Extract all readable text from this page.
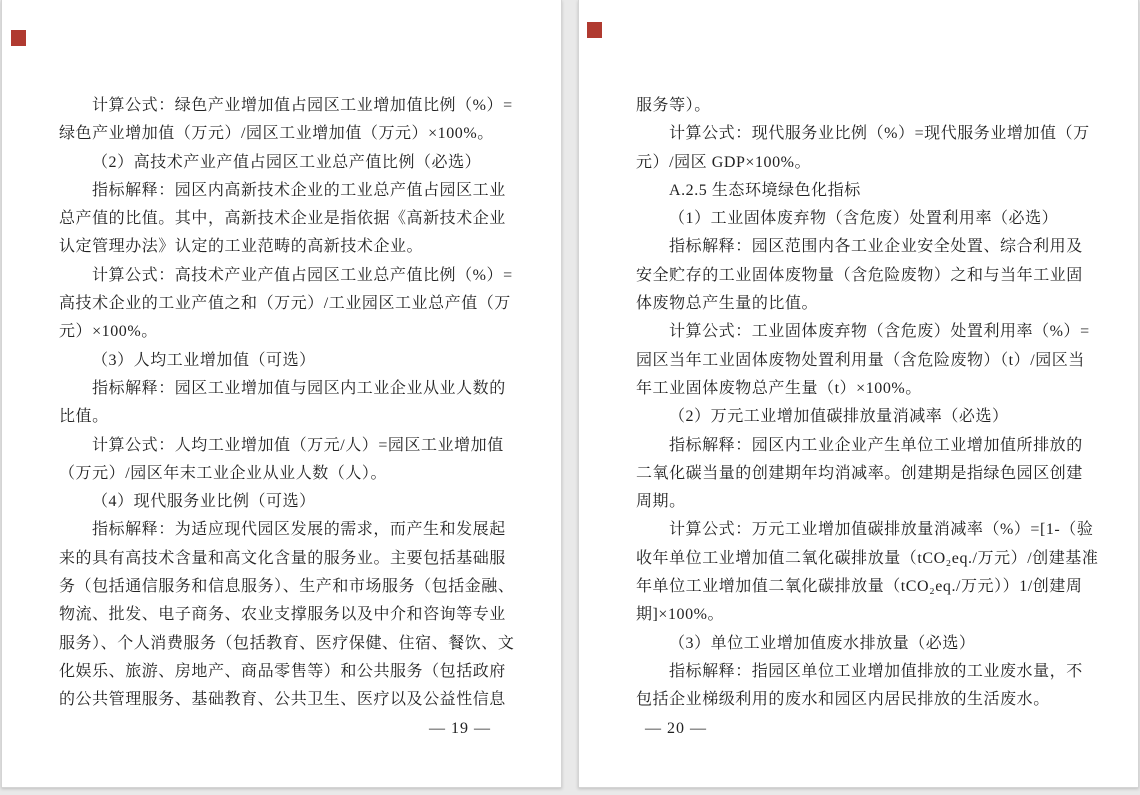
计算公式：绿色产业增加值占园区工业增加值比例（%）=
绿色产业增加值（万元）/园区工业增加值（万元）×100%。
（2）高技术产业产值占园区工业总产值比例（必选）
指标解释：园区内高新技术企业的工业总产值占园区工业
总产值的比值。其中，高新技术企业是指依据《高新技术企业
认定管理办法》认定的工业范畴的高新技术企业。
计算公式：高技术产业产值占园区工业总产值比例（%）=
高技术企业的工业产值之和（万元）/工业园区工业总产值（万
元）×100%。
（3）人均工业增加值（可选）
指标解释：园区工业增加值与园区内工业企业从业人数的
比值。
计算公式：人均工业增加值（万元/人）=园区工业增加值
（万元）/园区年末工业企业从业人数（人）。
（4）现代服务业比例（可选）
指标解释：为适应现代园区发展的需求，而产生和发展起
来的具有高技术含量和高文化含量的服务业。主要包括基础服
务（包括通信服务和信息服务）、生产和市场服务（包括金融、
物流、批发、电子商务、农业支撑服务以及中介和咨询等专业
服务）、个人消费服务（包括教育、医疗保健、住宿、餐饮、文
化娱乐、旅游、房地产、商品零售等）和公共服务（包括政府
的公共管理服务、基础教育、公共卫生、医疗以及公益性信息
— 19 —
服务等）。
计算公式：现代服务业比例（%）=现代服务业增加值（万
元）/园区 GDP×100%。
A.2.5 生态环境绿色化指标
（1）工业固体废弃物（含危废）处置利用率（必选）
指标解释：园区范围内各工业企业安全处置、综合利用及
安全贮存的工业固体废物量（含危险废物）之和与当年工业固
体废物总产生量的比值。
计算公式：工业固体废弃物（含危废）处置利用率（%）=
园区当年工业固体废物处置利用量（含危险废物）（t）/园区当
年工业固体废物总产生量（t）×100%。
（2）万元工业增加值碳排放量消减率（必选）
指标解释：园区内工业企业产生单位工业增加值所排放的
二氧化碳当量的创建期年均消减率。创建期是指绿色园区创建
周期。
计算公式：万元工业增加值碳排放量消减率（%）=[1-（验
收年单位工业增加值二氧化碳排放量（tCO₂eq./万元）/创建基准
年单位工业增加值二氧化碳排放量（tCO₂eq./万元））1/创建周
期]×100%。
（3）单位工业增加值废水排放量（必选）
指标解释：指园区单位工业增加值排放的工业废水量，不
包括企业梯级利用的废水和园区内居民排放的生活废水。
— 20 —
